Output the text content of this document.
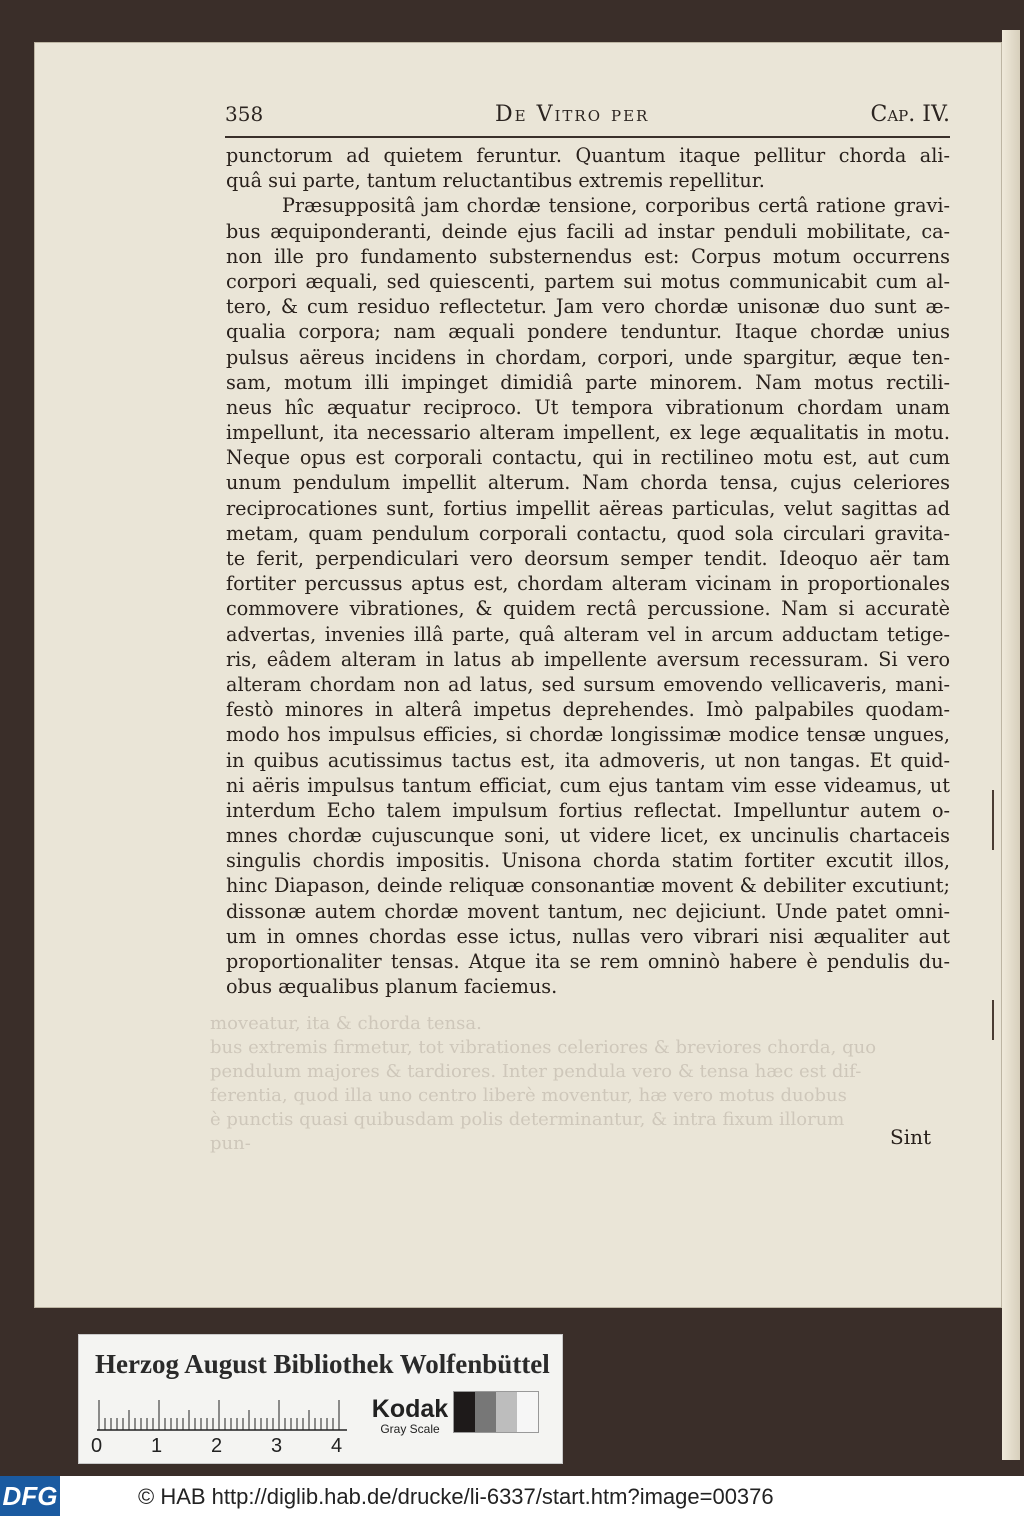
358	De Vitro per	Cap. IV.
moveatur, ita & chorda tensa.
bus extremis firmetur, tot vibrationes celeriores & breviores chorda, quo
pendulum majores & tardiores. Inter pendula vero & tensa hæc est dif-
ferentia, quod illa uno centro liberè moventur, hæ vero motus duobus
è punctis quasi quibusdam polis determinantur, & intra fixum illorum
pun-
punctorum ad quietem feruntur. Quantum itaque pellitur chorda ali-
quâ sui parte, tantum reluctantibus extremis repellitur.
Præsuppositâ jam chordæ tensione, corporibus certâ ratione gravi-
bus æquiponderanti, deinde ejus facili ad instar penduli mobilitate, ca-
non ille pro fundamento substernendus est: Corpus motum occurrens
corpori æquali, sed quiescenti, partem sui motus communicabit cum al-
tero, & cum residuo reflectetur. Jam vero chordæ unisonæ duo sunt æ-
qualia corpora; nam æquali pondere tenduntur. Itaque chordæ unius
pulsus aëreus incidens in chordam, corpori, unde spargitur, æque ten-
sam, motum illi impinget dimidiâ parte minorem. Nam motus rectili-
neus hîc æquatur reciproco. Ut tempora vibrationum chordam unam
impellunt, ita necessario alteram impellent, ex lege æqualitatis in motu.
Neque opus est corporali contactu, qui in rectilineo motu est, aut cum
unum pendulum impellit alterum. Nam chorda tensa, cujus celeriores
reciprocationes sunt, fortius impellit aëreas particulas, velut sagittas ad
metam, quam pendulum corporali contactu, quod sola circulari gravita-
te ferit, perpendiculari vero deorsum semper tendit. Ideoquo aër tam
fortiter percussus aptus est, chordam alteram vicinam in proportionales
commovere vibrationes, & quidem rectâ percussione. Nam si accuratè
advertas, invenies illâ parte, quâ alteram vel in arcum adductam tetige-
ris, eâdem alteram in latus ab impellente aversum recessuram. Si vero
alteram chordam non ad latus, sed sursum emovendo vellicaveris, mani-
festò minores in alterâ impetus deprehendes. Imò palpabiles quodam-
modo hos impulsus efficies, si chordæ longissimæ modice tensæ ungues,
in quibus acutissimus tactus est, ita admoveris, ut non tangas. Et quid-
ni aëris impulsus tantum efficiat, cum ejus tantam vim esse videamus, ut
interdum Echo talem impulsum fortius reflectat. Impelluntur autem o-
mnes chordæ cujuscunque soni, ut videre licet, ex uncinulis chartaceis
singulis chordis impositis. Unisona chorda statim fortiter excutit illos,
hinc Diapason, deinde reliquæ consonantiæ movent & debiliter excutiunt;
dissonæ autem chordæ movent tantum, nec dejiciunt. Unde patet omni-
um in omnes chordas esse ictus, nullas vero vibrari nisi æqualiter aut
proportionaliter tensas. Atque ita se rem omninò habere è pendulis du-
obus æqualibus planum faciemus.
Sint
Herzog August Bibliothek Wolfenbüttel
0 1 2 3 4
Kodak
Gray Scale
DFG	© HAB http://diglib.hab.de/drucke/li-6337/start.htm?image=00376
